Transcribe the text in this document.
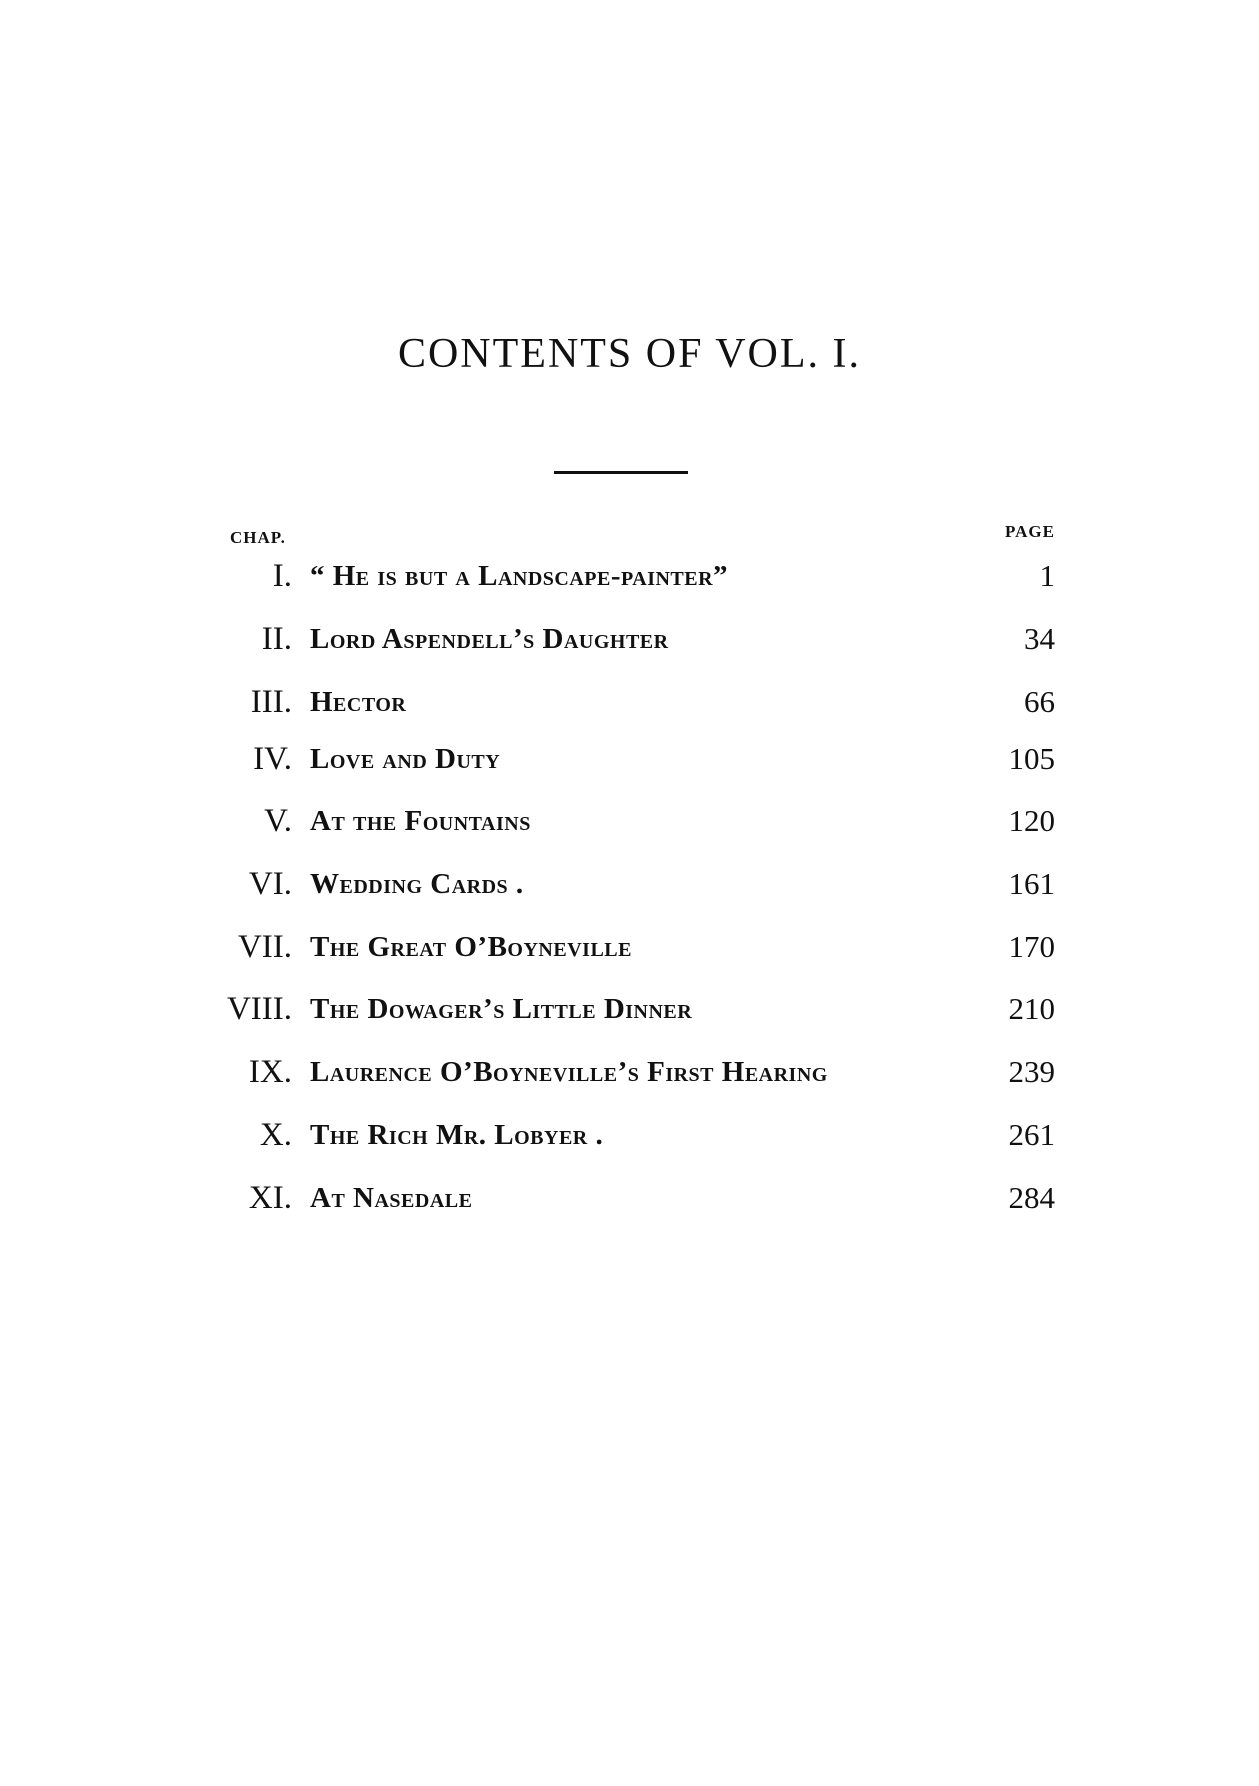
CONTENTS OF VOL. I.
CHAP.	PAGE
I. “ He is but a Landscape-painter”	1
II. Lord Aspendell’s Daughter	34
III. Hector	66
IV. Love and Duty	105
V. At the Fountains	120
VI. Wedding Cards .	161
VII. The Great O’Boyneville	170
VIII. The Dowager’s Little Dinner	210
IX. Laurence O’Boyneville’s First Hearing	239
X. The Rich Mr. Lobyer .	261
XI. At Nasedale	284
